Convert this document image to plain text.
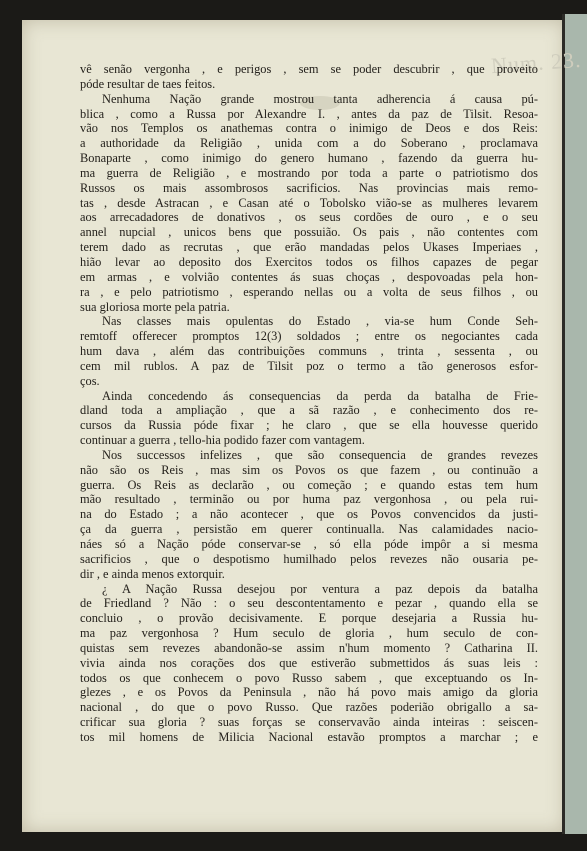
Num. 23.
vê senão vergonha , e perigos , sem se poder descubrir , que proveito
póde resultar de taes feitos.
Nenhuma Nação grande mostrou tanta adherencia á causa pú-
blica , como a Russa por Alexandre I. , antes da paz de Tilsit. Resoa-
vão nos Templos os anathemas contra o inimigo de Deos e dos Reis:
a authoridade da Religião , unida com a do Soberano , proclamava
Bonaparte , como inimigo do genero humano , fazendo da guerra hu-
ma guerra de Religião , e mostrando por toda a parte o patriotismo dos
Russos os mais assombrosos sacrificios. Nas provincias mais remo-
tas , desde Astracan , e Casan até o Tobolsko vião-se as mulheres levarem
aos arrecadadores de donativos , os seus cordões de ouro , e o seu
annel nupcial , unicos bens que possuião. Os pais , não contentes com
terem dado as recrutas , que erão mandadas pelos Ukases Imperiaes ,
hião levar ao deposito dos Exercitos todos os filhos capazes de pegar
em armas , e volvião contentes ás suas choças , despovoadas pela hon-
ra , e pelo patriotismo , esperando nellas ou a volta de seus filhos , ou
sua gloriosa morte pela patria.
Nas classes mais opulentas do Estado , via-se hum Conde Seh-
remtoff offerecer promptos 12(3) soldados ; entre os negociantes cada
hum dava , além das contribuições communs , trinta , sessenta , ou
cem mil rublos. A paz de Tilsit poz o termo a tão generosos esfor-
ços.
Ainda concedendo ás consequencias da perda da batalha de Frie-
dland toda a ampliação , que a sã razão , e conhecimento dos re-
cursos da Russia póde fixar ; he claro , que se ella houvesse querido
continuar a guerra , tello-hia podido fazer com vantagem.
Nos successos infelizes , que são consequencia de grandes revezes
não são os Reis , mas sim os Povos os que fazem , ou continuão a
guerra. Os Reis as declarão , ou começão ; e quando estas tem hum
mão resultado , terminão ou por huma paz vergonhosa , ou pela rui-
na do Estado ; a não acontecer , que os Povos convencidos da justi-
ça da guerra , persistão em querer continualla. Nas calamidades nacio-
náes só a Nação póde conservar-se , só ella póde impôr a si mesma
sacrificios , que o despotismo humilhado pelos revezes não ousaria pe-
dir , e ainda menos extorquir.
¿ A Nação Russa desejou por ventura a paz depois da batalha
de Friedland ? Não : o seu descontentamento e pezar , quando ella se
concluio , o provão decisivamente. E porque desejaria a Russia hu-
ma paz vergonhosa ? Hum seculo de gloria , hum seculo de con-
quistas sem revezes abandonão-se assim n'hum momento ? Catharina II.
vivia ainda nos corações dos que estiverão submettidos ás suas leis :
todos os que conhecem o povo Russo sabem , que exceptuando os In-
glezes , e os Povos da Peninsula , não há povo mais amigo da gloria
nacional , do que o povo Russo. Que razões poderião obrigallo a sa-
crificar sua gloria ? suas forças se conservavão ainda inteiras : seiscen-
tos mil homens de Milicia Nacional estavão promptos a marchar ; e
